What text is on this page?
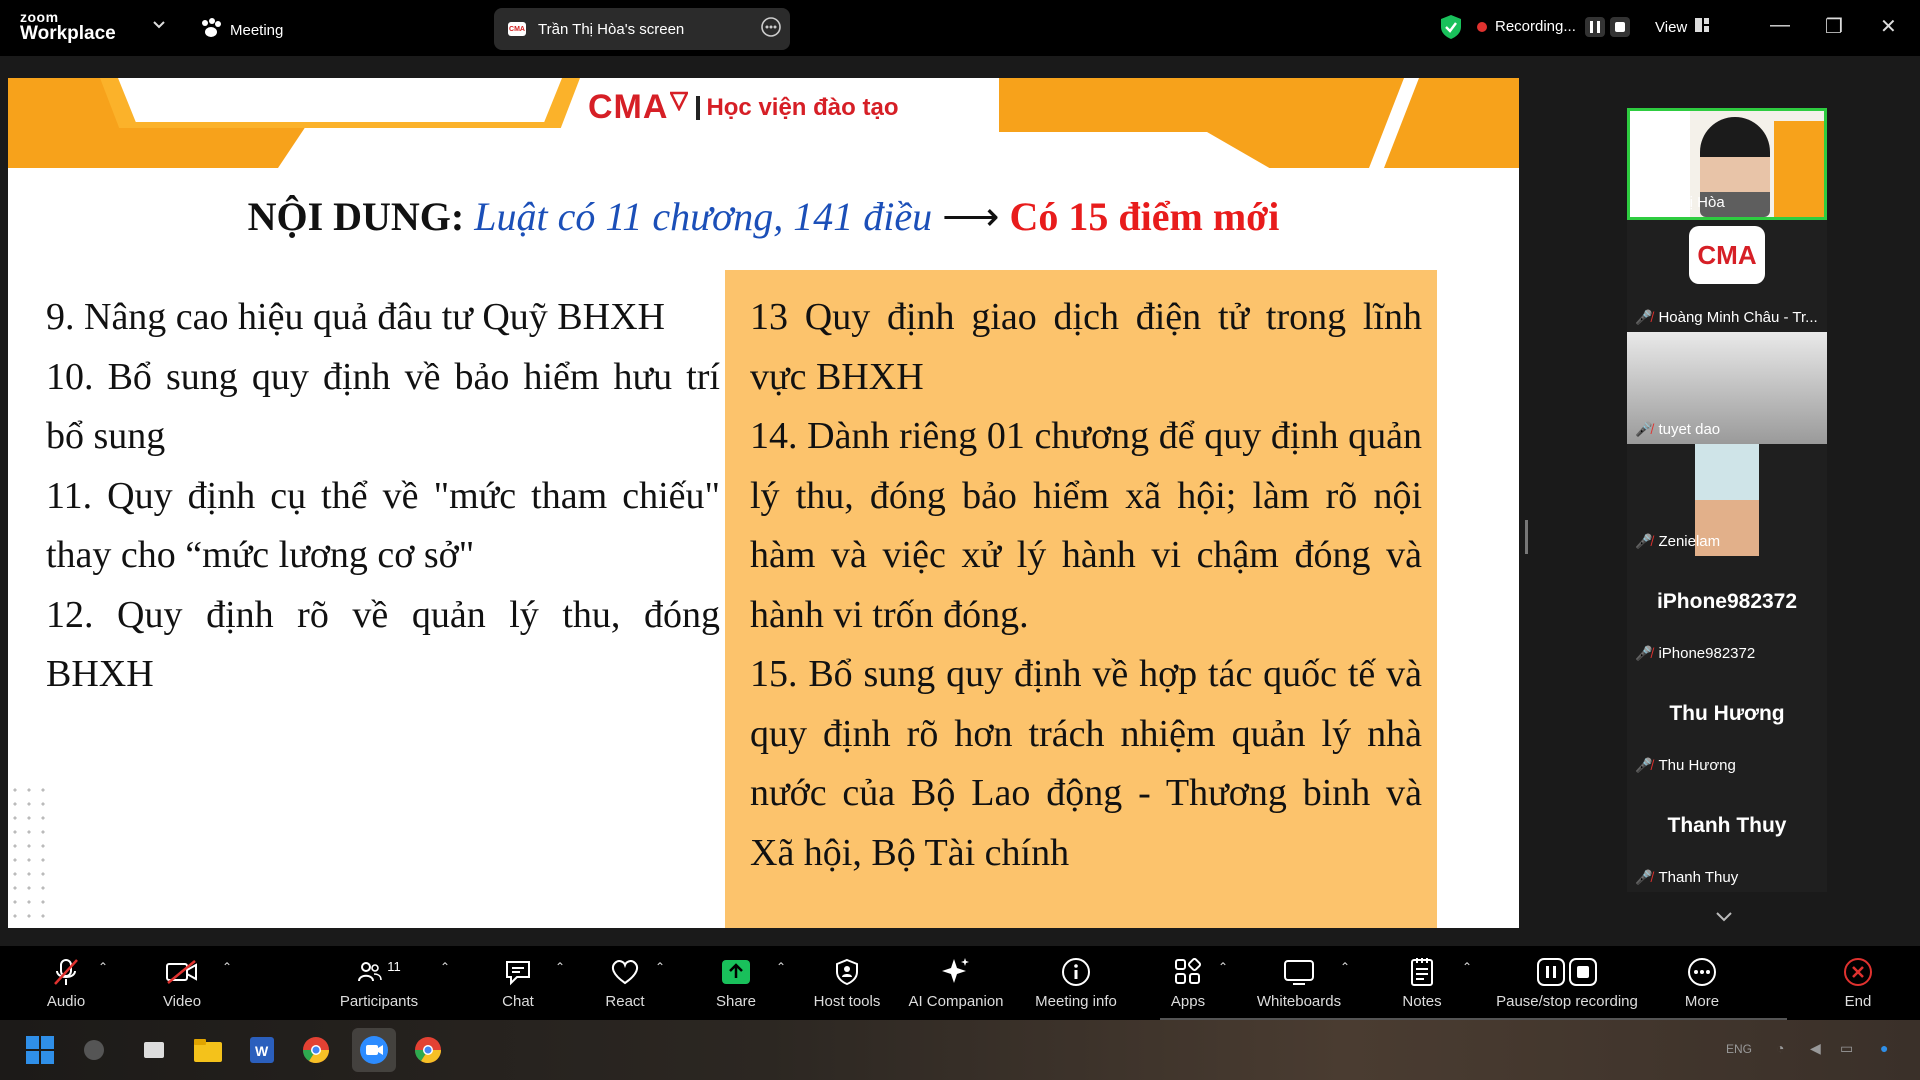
zoom
Workplace	Meeting	CMA Trần Thị Hòa's screen	Recording...	View	— ❐ ✕
CMA Học viện đào tạo
NỘI DUNG: Luật có 11 chương, 141 điều ⟶ Có 15 điểm mới

9. Nâng cao hiệu quả đâu tư Quỹ BHXH

10. Bổ sung quy định về bảo hiểm hưu trí bổ sung

11. Quy định cụ thể về "mức tham chiếu" thay cho “mức lương cơ sở"

12. Quy định rõ về quản lý thu, đóng BHXH

13 Quy định giao dịch điện tử trong lĩnh vực BHXH

14. Dành riêng 01 chương để quy định quản lý thu, đóng bảo hiểm xã hội; làm rõ nội hàm và việc xử lý hành vi chậm đóng và hành vi trốn đóng.

15. Bổ sung quy định về hợp tác quốc tế và quy định rõ hơn trách nhiệm quản lý nhà nước của Bộ Lao động - Thương binh và Xã hội, Bộ Tài chính

Trần Thị Hòa
CMA
🎤̸ Hoàng Minh Châu - Tr...
🎤̸ tuyet dao
🎤̸ Zenielam
iPhone982372
🎤̸ iPhone982372
Thu Hương
🎤̸ Thu Hương
Thanh Thuy
🎤̸ Thanh Thuy
Audio
⌃
Video
⌃	11
Participants
⌃
Chat
⌃
React
⌃
Share
⌃
Host tools AI Companion Meeting info	Apps
⌃
Whiteboards
⌃
Notes
⌃
Pause/stop recording	More	End
W	ENG ◔ ◀ ▭ ●
